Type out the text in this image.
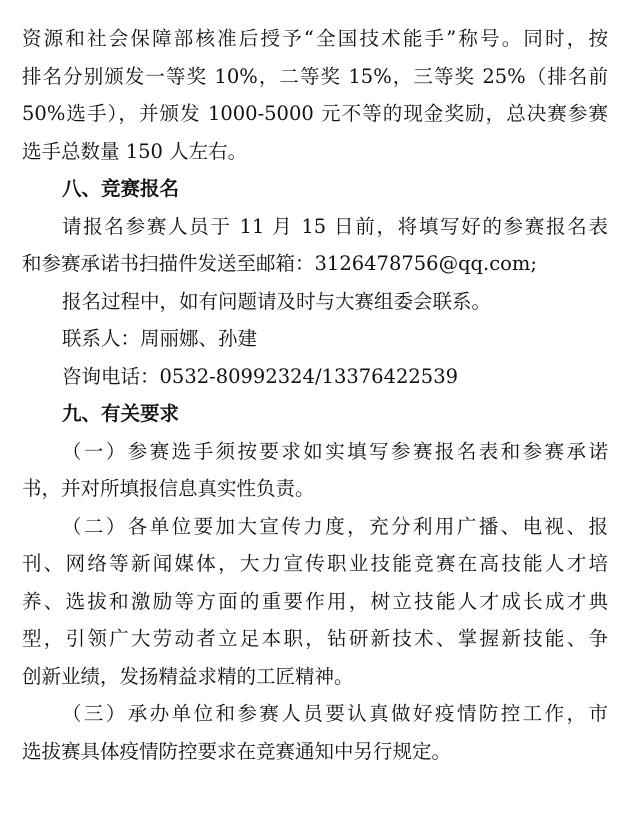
资源和社会保障部核准后授予“全国技术能手”称号。同时，按
排名分别颁发一等奖 10%，二等奖 15%，三等奖 25%（排名前
50%选手），并颁发 1000-5000 元不等的现金奖励，总决赛参赛
选手总数量 150 人左右。
八、竞赛报名
请报名参赛人员于 11 月 15 日前，将填写好的参赛报名表
和参赛承诺书扫描件发送至邮箱：3126478756@qq.com;
报名过程中，如有问题请及时与大赛组委会联系。
联系人：周丽娜、孙建
咨询电话：0532-80992324/13376422539
九、有关要求
（一）参赛选手须按要求如实填写参赛报名表和参赛承诺
书，并对所填报信息真实性负责。
（二）各单位要加大宣传力度，充分利用广播、电视、报
刊、网络等新闻媒体，大力宣传职业技能竞赛在高技能人才培
养、选拔和激励等方面的重要作用，树立技能人才成长成才典
型，引领广大劳动者立足本职，钻研新技术、掌握新技能、争
创新业绩，发扬精益求精的工匠精神。
（三）承办单位和参赛人员要认真做好疫情防控工作，市
选拔赛具体疫情防控要求在竞赛通知中另行规定。
